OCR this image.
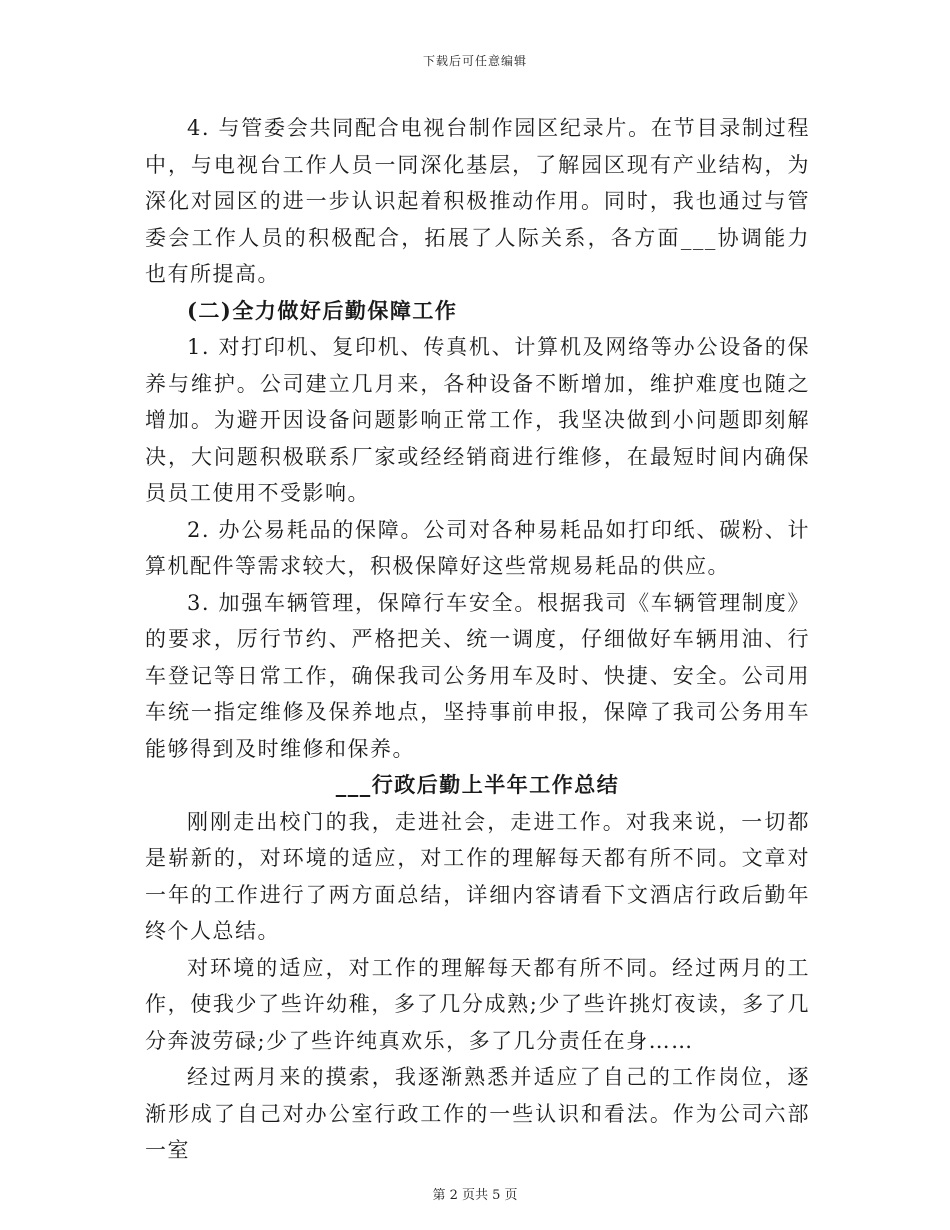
下载后可任意编辑

4. 与管委会共同配合电视台制作园区纪录片。在节目录制过程中，与电视台工作人员一同深化基层，了解园区现有产业结构，为深化对园区的进一步认识起着积极推动作用。同时，我也通过与管委会工作人员的积极配合，拓展了人际关系，各方面___协调能力也有所提高。

(二)全力做好后勤保障工作

1. 对打印机、复印机、传真机、计算机及网络等办公设备的保养与维护。公司建立几月来，各种设备不断增加，维护难度也随之增加。为避开因设备问题影响正常工作，我坚决做到小问题即刻解决，大问题积极联系厂家或经经销商进行维修，在最短时间内确保员员工使用不受影响。

2. 办公易耗品的保障。公司对各种易耗品如打印纸、碳粉、计算机配件等需求较大，积极保障好这些常规易耗品的供应。

3. 加强车辆管理，保障行车安全。根据我司《车辆管理制度》的要求，厉行节约、严格把关、统一调度，仔细做好车辆用油、行车登记等日常工作，确保我司公务用车及时、快捷、安全。公司用车统一指定维修及保养地点，坚持事前申报，保障了我司公务用车能够得到及时维修和保养。

___行政后勤上半年工作总结

刚刚走出校门的我，走进社会，走进工作。对我来说，一切都是崭新的，对环境的适应，对工作的理解每天都有所不同。文章对一年的工作进行了两方面总结，详细内容请看下文酒店行政后勤年终个人总结。

对环境的适应，对工作的理解每天都有所不同。经过两月的工作，使我少了些许幼稚，多了几分成熟;少了些许挑灯夜读，多了几分奔波劳碌;少了些许纯真欢乐，多了几分责任在身……

经过两月来的摸索，我逐渐熟悉并适应了自己的工作岗位，逐渐形成了自己对办公室行政工作的一些认识和看法。作为公司六部一室

第 2 页共 5 页
